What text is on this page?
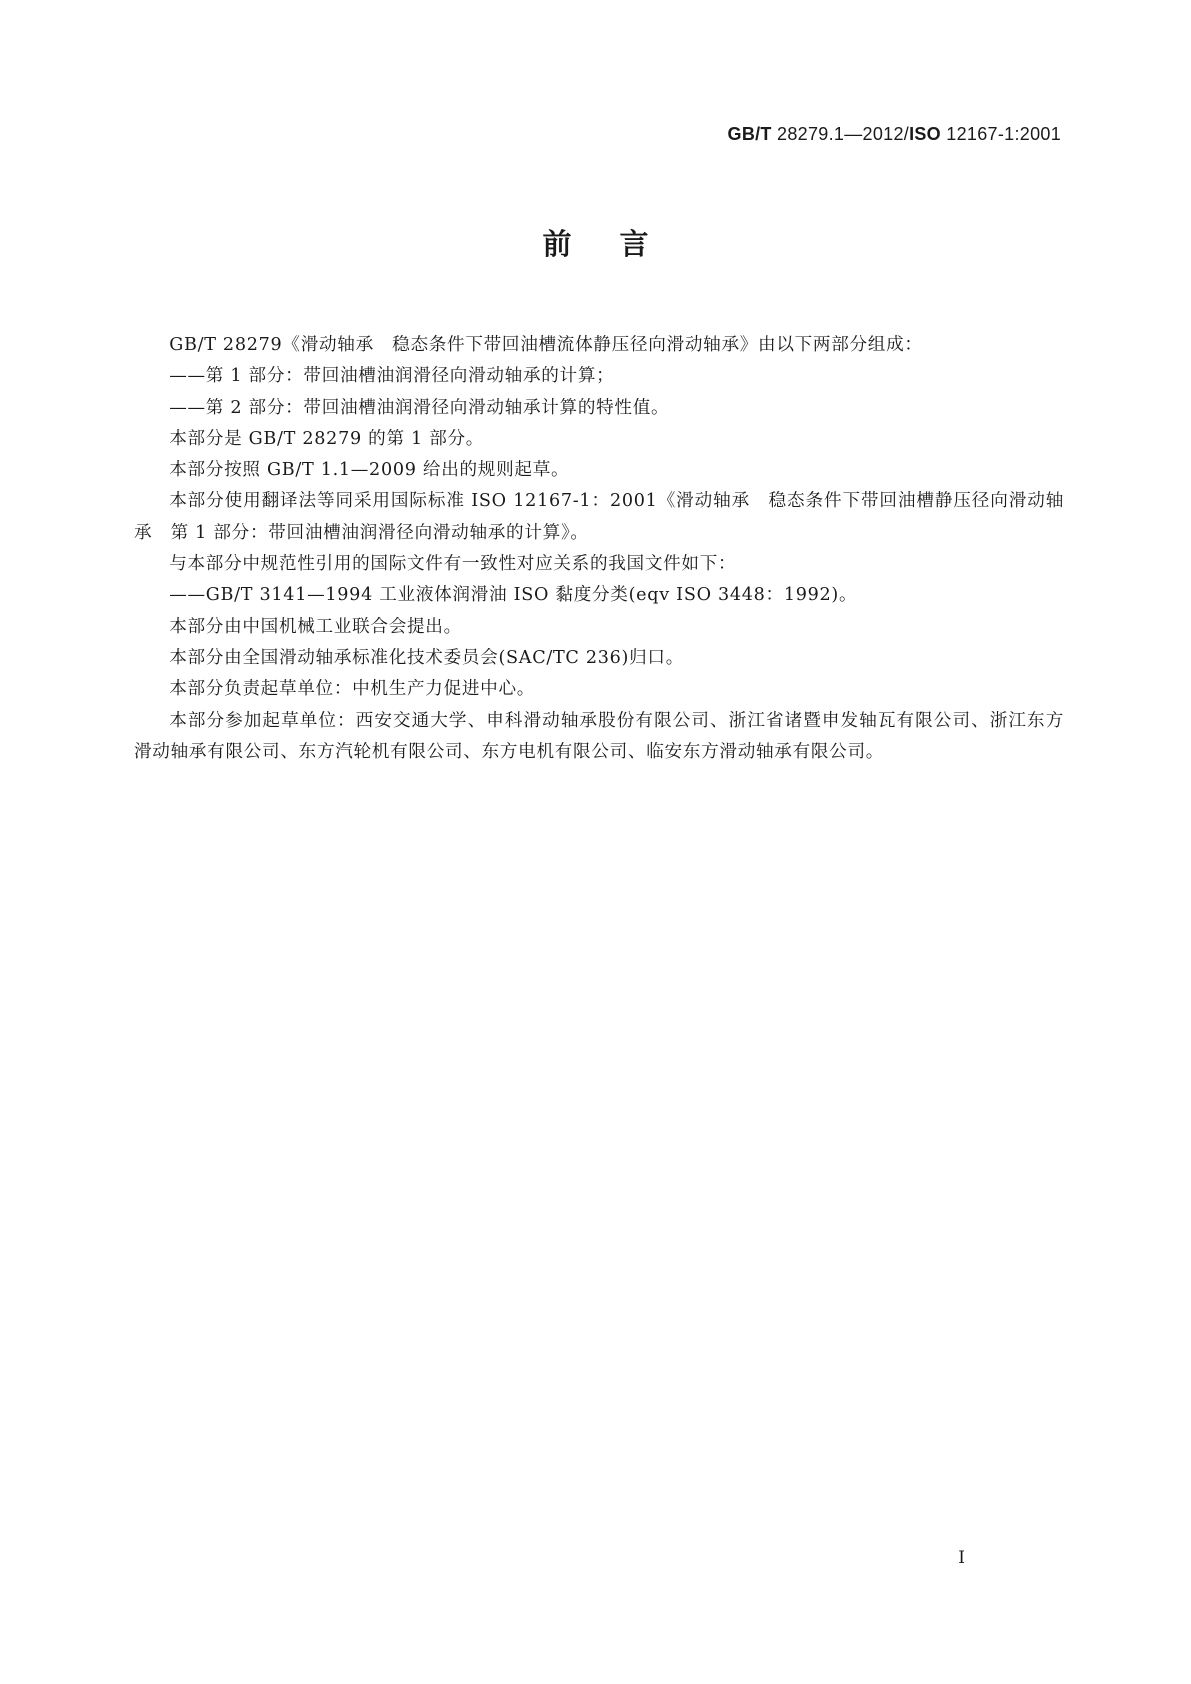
GB/T 28279.1—2012/ISO 12167-1:2001
前言

GB/T 28279《滑动轴承　稳态条件下带回油槽流体静压径向滑动轴承》由以下两部分组成：

——第 1 部分：带回油槽油润滑径向滑动轴承的计算；

——第 2 部分：带回油槽油润滑径向滑动轴承计算的特性值。

本部分是 GB/T 28279 的第 1 部分。

本部分按照 GB/T 1.1—2009 给出的规则起草。

本部分使用翻译法等同采用国际标准 ISO 12167-1：2001《滑动轴承　稳态条件下带回油槽静压径向滑动轴承　第 1 部分：带回油槽油润滑径向滑动轴承的计算》。

与本部分中规范性引用的国际文件有一致性对应关系的我国文件如下：

——GB/T 3141—1994 工业液体润滑油 ISO 黏度分类(eqv ISO 3448：1992)。

本部分由中国机械工业联合会提出。

本部分由全国滑动轴承标准化技术委员会(SAC/TC 236)归口。

本部分负责起草单位：中机生产力促进中心。

本部分参加起草单位：西安交通大学、申科滑动轴承股份有限公司、浙江省诸暨申发轴瓦有限公司、浙江东方滑动轴承有限公司、东方汽轮机有限公司、东方电机有限公司、临安东方滑动轴承有限公司。

I
